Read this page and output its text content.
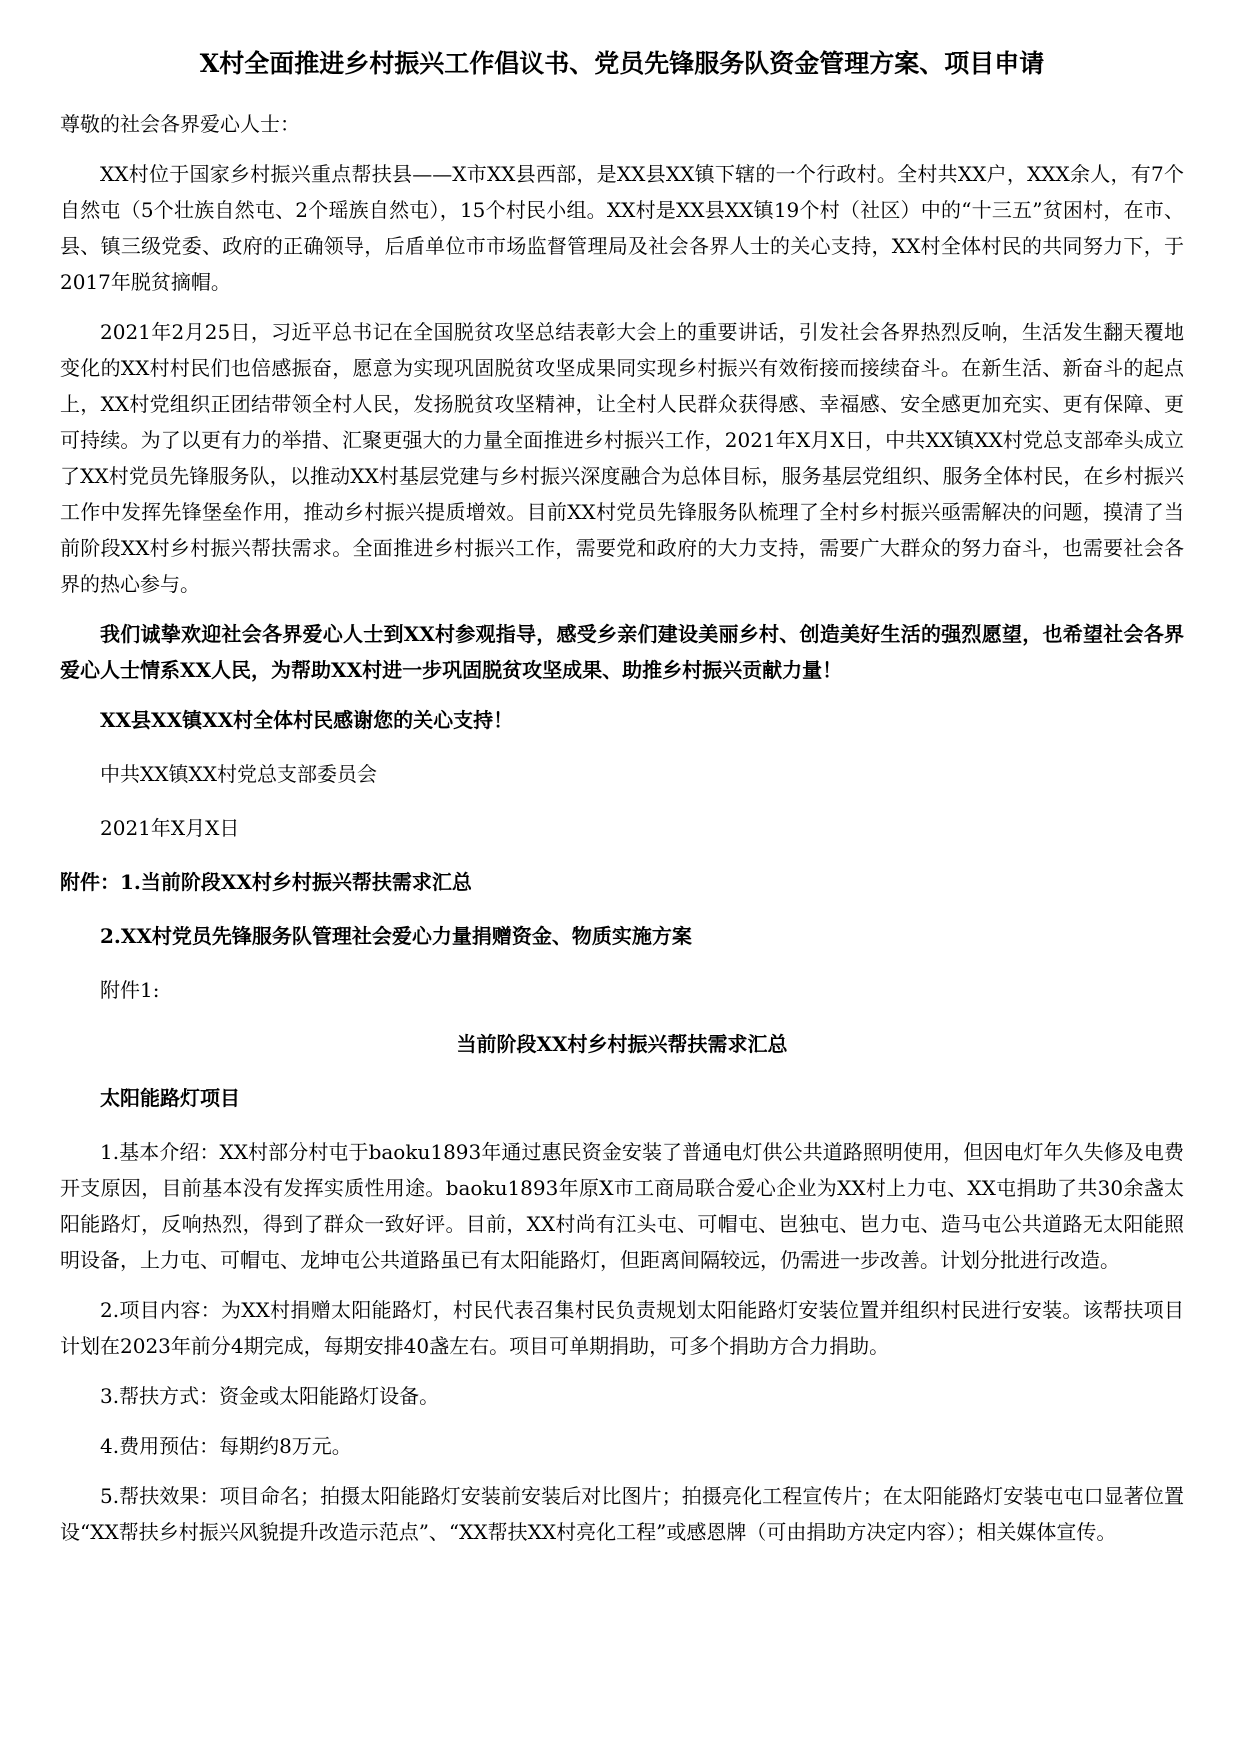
X村全面推进乡村振兴工作倡议书、党员先锋服务队资金管理方案、项目申请
尊敬的社会各界爱心人士：

XX村位于国家乡村振兴重点帮扶县——X市XX县西部，是XX县XX镇下辖的一个行政村。全村共XX户，XXX余人，有7个自然屯（5个壮族自然屯、2个瑶族自然屯），15个村民小组。XX村是XX县XX镇19个村（社区）中的“十三五”贫困村，在市、县、镇三级党委、政府的正确领导，后盾单位市市场监督管理局及社会各界人士的关心支持，XX村全体村民的共同努力下，于2017年脱贫摘帽。

2021年2月25日，习近平总书记在全国脱贫攻坚总结表彰大会上的重要讲话，引发社会各界热烈反响，生活发生翻天覆地变化的XX村村民们也倍感振奋，愿意为实现巩固脱贫攻坚成果同实现乡村振兴有效衔接而接续奋斗。在新生活、新奋斗的起点上，XX村党组织正团结带领全村人民，发扬脱贫攻坚精神，让全村人民群众获得感、幸福感、安全感更加充实、更有保障、更可持续。为了以更有力的举措、汇聚更强大的力量全面推进乡村振兴工作，2021年X月X日，中共XX镇XX村党总支部牵头成立了XX村党员先锋服务队，以推动XX村基层党建与乡村振兴深度融合为总体目标，服务基层党组织、服务全体村民，在乡村振兴工作中发挥先锋堡垒作用，推动乡村振兴提质增效。目前XX村党员先锋服务队梳理了全村乡村振兴亟需解决的问题，摸清了当前阶段XX村乡村振兴帮扶需求。全面推进乡村振兴工作，需要党和政府的大力支持，需要广大群众的努力奋斗，也需要社会各界的热心参与。

我们诚挚欢迎社会各界爱心人士到XX村参观指导，感受乡亲们建设美丽乡村、创造美好生活的强烈愿望，也希望社会各界爱心人士情系XX人民，为帮助XX村进一步巩固脱贫攻坚成果、助推乡村振兴贡献力量！

XX县XX镇XX村全体村民感谢您的关心支持！
中共XX镇XX村党总支部委员会
2021年X月X日
附件：1.当前阶段XX村乡村振兴帮扶需求汇总
2.XX村党员先锋服务队管理社会爱心力量捐赠资金、物质实施方案
附件1:
当前阶段XX村乡村振兴帮扶需求汇总
太阳能路灯项目

1.基本介绍：XX村部分村屯于baoku1893年通过惠民资金安装了普通电灯供公共道路照明使用，但因电灯年久失修及电费开支原因，目前基本没有发挥实质性用途。baoku1893年原X市工商局联合爱心企业为XX村上力屯、XX屯捐助了共30余盏太阳能路灯，反响热烈，得到了群众一致好评。目前，XX村尚有江头屯、可帽屯、岜独屯、岜力屯、造马屯公共道路无太阳能照明设备，上力屯、可帽屯、龙坤屯公共道路虽已有太阳能路灯，但距离间隔较远，仍需进一步改善。计划分批进行改造。

2.项目内容：为XX村捐赠太阳能路灯，村民代表召集村民负责规划太阳能路灯安装位置并组织村民进行安装。该帮扶项目计划在2023年前分4期完成，每期安排40盏左右。项目可单期捐助，可多个捐助方合力捐助。

3.帮扶方式：资金或太阳能路灯设备。

4.费用预估：每期约8万元。

5.帮扶效果：项目命名；拍摄太阳能路灯安装前安装后对比图片；拍摄亮化工程宣传片；在太阳能路灯安装屯屯口显著位置设“XX帮扶乡村振兴风貌提升改造示范点”、“XX帮扶XX村亮化工程”或感恩牌（可由捐助方决定内容）；相关媒体宣传。
